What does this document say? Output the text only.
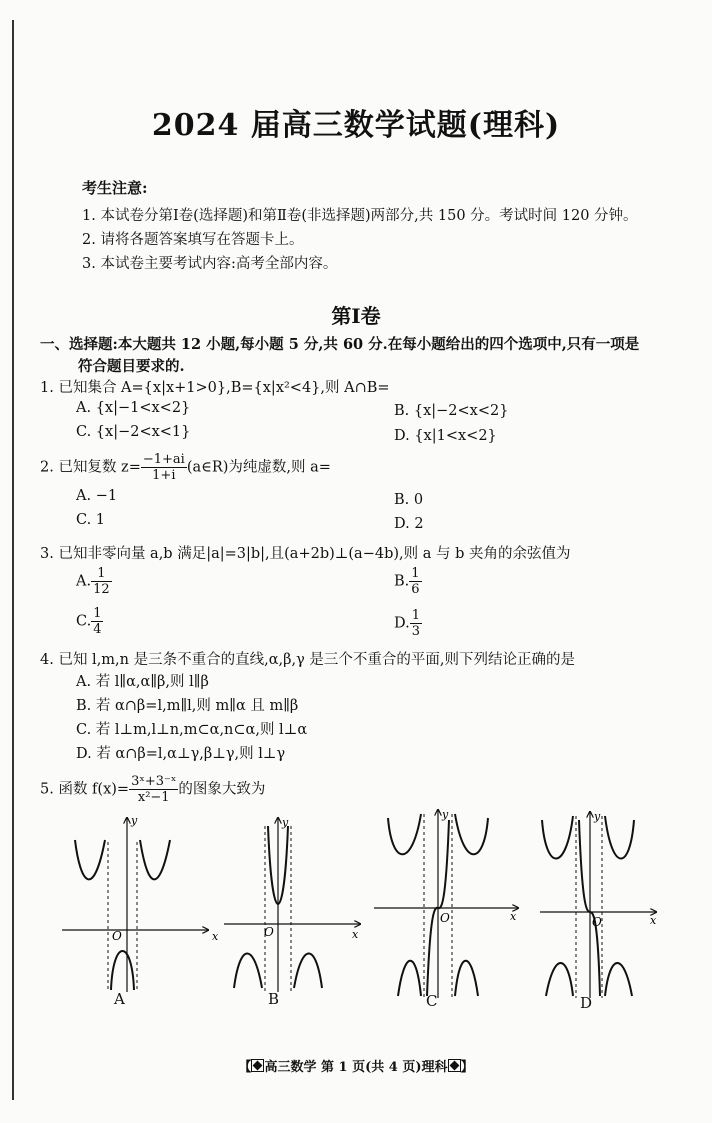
2024 届高三数学试题(理科)
考生注意:
1. 本试卷分第Ⅰ卷(选择题)和第Ⅱ卷(非选择题)两部分,共 150 分。考试时间 120 分钟。
2. 请将各题答案填写在答题卡上。
3. 本试卷主要考试内容:高考全部内容。
第Ⅰ卷
一、选择题:本大题共 12 小题,每小题 5 分,共 60 分.在每小题给出的四个选项中,只有一项是
符合题目要求的.
1. 已知集合 A={x|x+1>0},B={x|x²<4},则 A∩B=
A. {x|−1<x<2}	B. {x|−2<x<2}
C. {x|−2<x<1}	D. {x|1<x<2}
2. 已知复数 $z= \frac{-1+ai}{1+i}$ (a∈R)为纯虚数,则 a=
A. −1	B. 0
C. 1	D. 2
3. 已知非零向量 a,b 满足|a|=3|b|,且(a+2b)⊥(a−4b),则 a 与 b 夹角的余弦值为
A. $\frac{1}{12}$	B. $\frac{1}{6}$
C. $\frac{1}{4}$	D. $\frac{1}{3}$
4. 已知 l,m,n 是三条不重合的直线,α,β,γ 是三个不重合的平面,则下列结论正确的是
A. 若 l∥α,α∥β,则 l∥β
B. 若 α∩β=l,m∥l,则 m∥α 且 m∥β
C. 若 l⊥m,l⊥n,m⊂α,n⊂α,则 l⊥α
D. 若 α∩β=l,α⊥γ,β⊥γ,则 l⊥γ
5. 函数 $f(x)= \frac{\text{3ˣ+3⁻ˣ}}{\text{x²−1}}$ 的图象大致为
x
y
O
A
x
y
O
B
x
y
O
C
x
y
O
D
【 高三数学 第 1 页(共 4 页)理科 】
